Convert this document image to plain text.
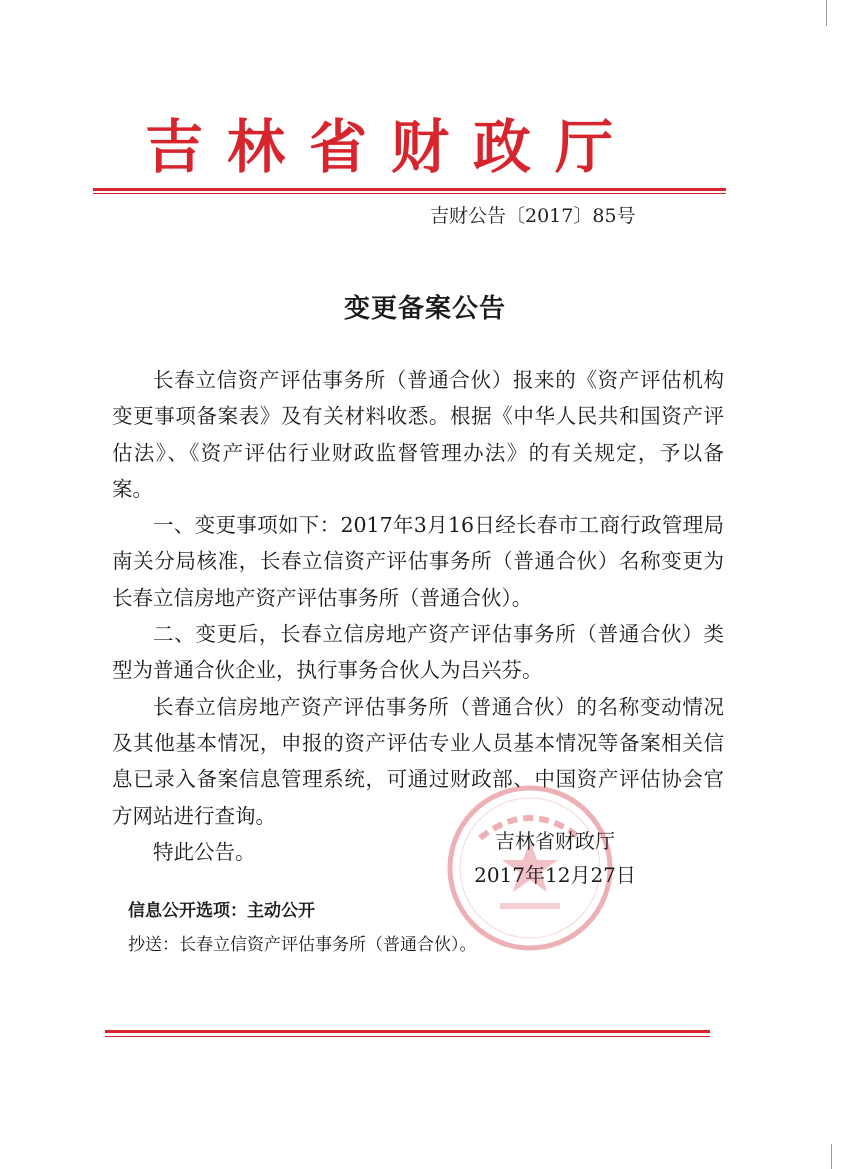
吉林省财政厅
吉财公告〔2017〕85号
变更备案公告

长春立信资产评估事务所（普通合伙）报来的《资产评估机构变更事项备案表》及有关材料收悉。根据《中华人民共和国资产评估法》、《资产评估行业财政监督管理办法》的有关规定，予以备案。

一、变更事项如下：2017年3月16日经长春市工商行政管理局南关分局核准，长春立信资产评估事务所（普通合伙）名称变更为长春立信房地产资产评估事务所（普通合伙）。

二、变更后，长春立信房地产资产评估事务所（普通合伙）类型为普通合伙企业，执行事务合伙人为吕兴芬。

长春立信房地产资产评估事务所（普通合伙）的名称变动情况及其他基本情况，申报的资产评估专业人员基本情况等备案相关信息已录入备案信息管理系统，可通过财政部、中国资产评估协会官方网站进行查询。

特此公告。	吉林省财政厅
2017年12月27日
信息公开选项：主动公开
抄送：长春立信资产评估事务所（普通合伙）。
